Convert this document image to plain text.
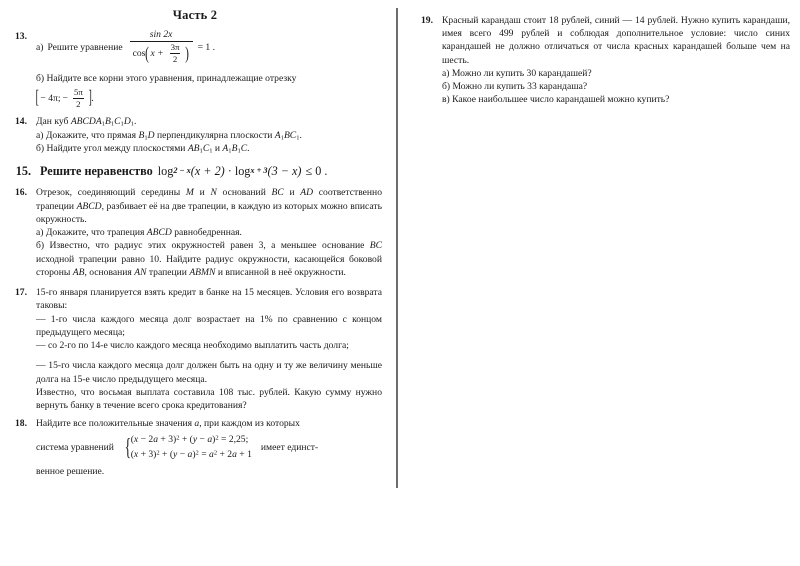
Часть 2
13.
а) Решите уравнение
sin 2x
cos ( $x + \frac{3\pi}{2}$ ) = 1 .
б) Найдите все корни этого уравнения, принадлежащие отрезку
[ − 4π; − $\frac{5\pi}{2}$ ] .
14. Дан куб ABCDA1B1C1D1.
а) Докажите, что прямая B1D перпендикулярна плоскости A1BC1.
б) Найдите угол между плоскостями AB1C1 и A1B1C.
15. Решите неравенство log 2 − x (x + 2) · log x + 3 (3 − x) ≤ 0 .
16. Отрезок, соединяющий середины M и N оснований BC и AD соответственно трапеции ABCD, разбивает её на две трапеции, в каждую из которых можно вписать окружность.
а) Докажите, что трапеция ABCD равнобедренная.
б) Известно, что радиус этих окружностей равен 3, а меньшее основание BC исходной трапеции равно 10. Найдите радиус окружности, касающейся боковой стороны AB, основания AN трапеции ABMN и вписанной в неё окружности.
17. 15-го января планируется взять кредит в банке на 15 месяцев. Условия его возврата таковы:
— 1-го числа каждого месяца долг возрастает на 1% по сравнению с концом предыдущего месяца;
— со 2-го по 14-е число каждого месяца необходимо выплатить часть долга;
— 15-го числа каждого месяца долг должен быть на одну и ту же величину меньше долга на 15-е число предыдущего месяца.
Известно, что восьмая выплата составила 108 тыс. рублей. Какую сумму нужно вернуть банку в течение всего срока кредитования?
18. Найдите все положительные значения a, при каждом из которых
система уравнений { $(x - 2a + 3)^2 + (y - a)^2 = 2,25$;
$(x + 3)^2 + (y - a)^2 = a^2 + 2a + 1$
имеет единст-
венное решение.
19. Красный карандаш стоит 18 рублей, синий — 14 рублей. Нужно купить карандаши, имея всего 499 рублей и соблюдая дополнительное условие: число синих карандашей не должно отличаться от числа красных карандашей больше чем на шесть.
а) Можно ли купить 30 карандашей?
б) Можно ли купить 33 карандаша?
в) Какое наибольшее число карандашей можно купить?
